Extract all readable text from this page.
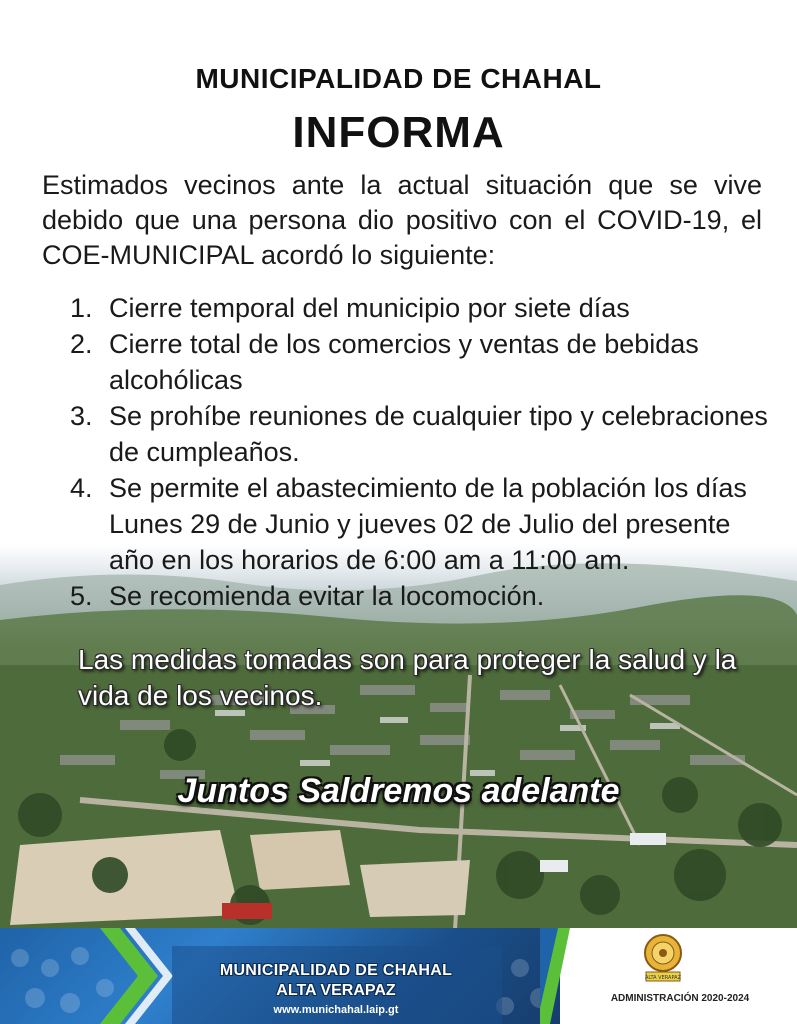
MUNICIPALIDAD DE CHAHAL
INFORMA
Estimados vecinos ante la actual situación que se vive debido que una persona dio positivo con el COVID-19, el COE-MUNICIPAL acordó lo siguiente:
1. Cierre temporal del municipio por siete días
2. Cierre total de los comercios y ventas de bebidas alcohólicas
3. Se prohíbe reuniones de cualquier tipo y celebraciones de cumpleaños.
4. Se permite el abastecimiento de la población los días Lunes 29 de Junio y jueves 02 de Julio del presente año en los horarios de 6:00 am a 11:00 am.
5. Se recomienda evitar la locomoción.
Las medidas tomadas son para proteger la salud y la vida de los vecinos.
Juntos Saldremos adelante
MUNICIPALIDAD DE CHAHAL
ALTA VERAPAZ
www.munichahal.laip.gt
ALTA VERAPAZ
ADMINISTRACIÓN 2020-2024
